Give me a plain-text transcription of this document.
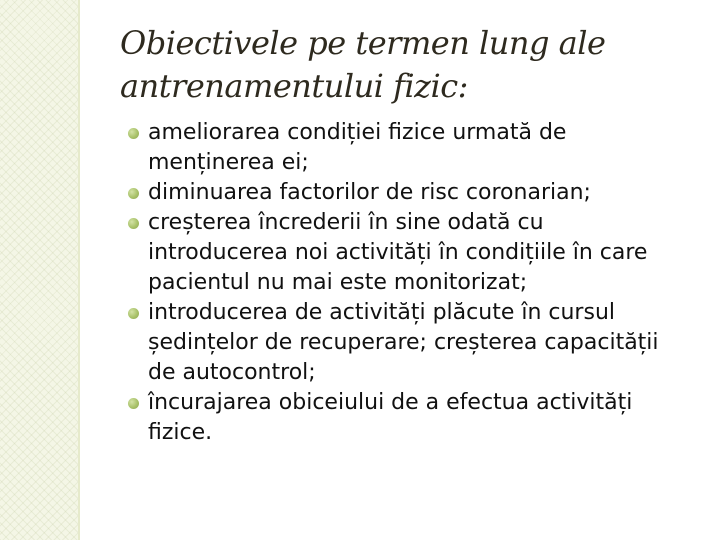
Obiectivele pe termen lung ale antrenamentului fizic:
ameliorarea condiției fizice urmată de menținerea ei;
diminuarea factorilor de risc coronarian;
creșterea încrederii în sine odată cu introducerea noi activități în condițiile în care pacientul nu mai este monitorizat;
introducerea de activități plăcute în cursul ședințelor de recuperare; creșterea capacității de autocontrol;
încurajarea obiceiului de a efectua activități fizice.
